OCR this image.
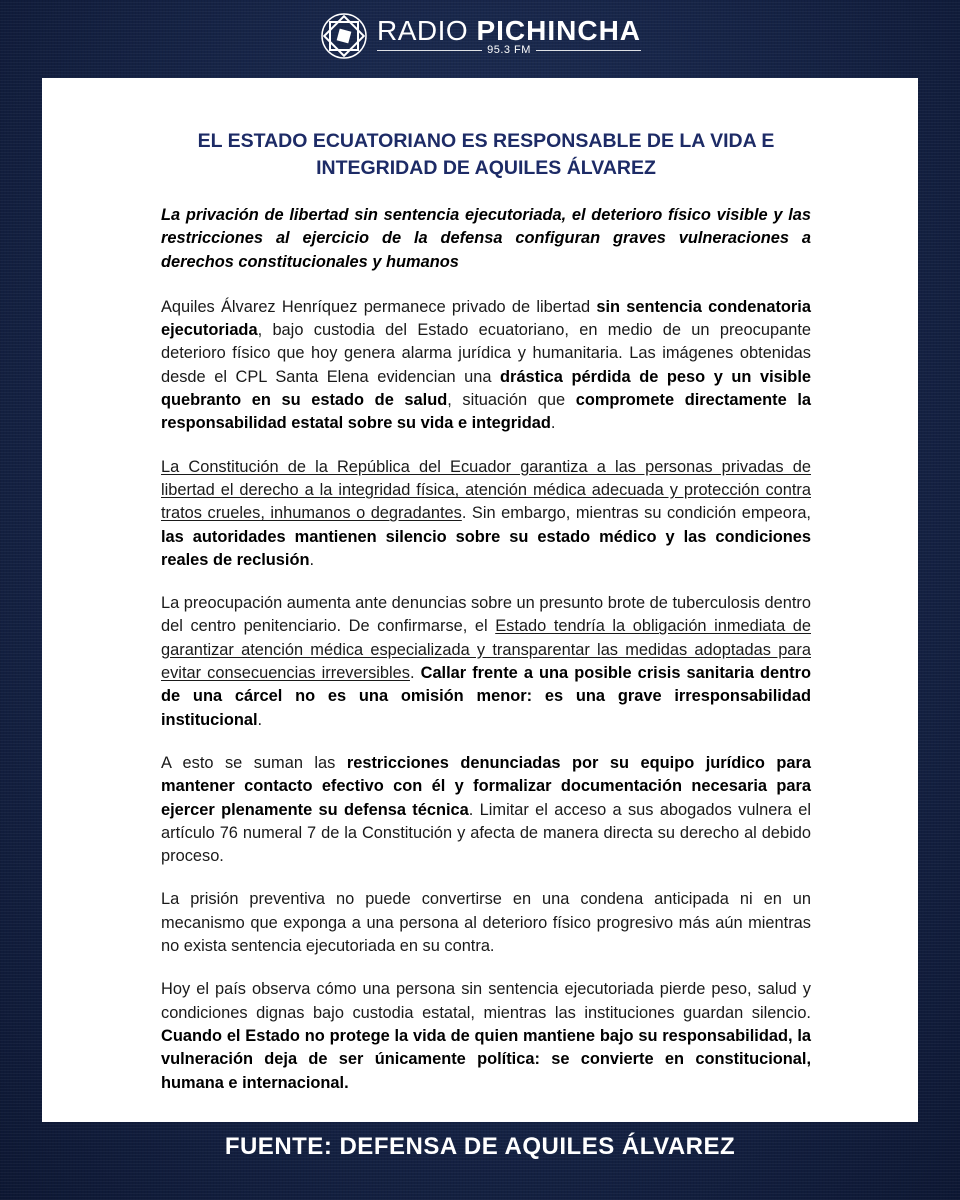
RADIO PICHINCHA
95.3 FM
EL ESTADO ECUATORIANO ES RESPONSABLE DE LA VIDA E INTEGRIDAD DE AQUILES ÁLVAREZ
La privación de libertad sin sentencia ejecutoriada, el deterioro físico visible y las restricciones al ejercicio de la defensa configuran graves vulneraciones a derechos constitucionales y humanos

Aquiles Álvarez Henríquez permanece privado de libertad sin sentencia condenatoria ejecutoriada, bajo custodia del Estado ecuatoriano, en medio de un preocupante deterioro físico que hoy genera alarma jurídica y humanitaria. Las imágenes obtenidas desde el CPL Santa Elena evidencian una drástica pérdida de peso y un visible quebranto en su estado de salud, situación que compromete directamente la responsabilidad estatal sobre su vida e integridad.

La Constitución de la República del Ecuador garantiza a las personas privadas de libertad el derecho a la integridad física, atención médica adecuada y protección contra tratos crueles, inhumanos o degradantes. Sin embargo, mientras su condición empeora, las autoridades mantienen silencio sobre su estado médico y las condiciones reales de reclusión.

La preocupación aumenta ante denuncias sobre un presunto brote de tuberculosis dentro del centro penitenciario. De confirmarse, el Estado tendría la obligación inmediata de garantizar atención médica especializada y transparentar las medidas adoptadas para evitar consecuencias irreversibles. Callar frente a una posible crisis sanitaria dentro de una cárcel no es una omisión menor: es una grave irresponsabilidad institucional.

A esto se suman las restricciones denunciadas por su equipo jurídico para mantener contacto efectivo con él y formalizar documentación necesaria para ejercer plenamente su defensa técnica. Limitar el acceso a sus abogados vulnera el artículo 76 numeral 7 de la Constitución y afecta de manera directa su derecho al debido proceso.

La prisión preventiva no puede convertirse en una condena anticipada ni en un mecanismo que exponga a una persona al deterioro físico progresivo más aún mientras no exista sentencia ejecutoriada en su contra.

Hoy el país observa cómo una persona sin sentencia ejecutoriada pierde peso, salud y condiciones dignas bajo custodia estatal, mientras las instituciones guardan silencio. Cuando el Estado no protege la vida de quien mantiene bajo su responsabilidad, la vulneración deja de ser únicamente política: se convierte en constitucional, humana e internacional.

FUENTE: DEFENSA DE AQUILES ÁLVAREZ
